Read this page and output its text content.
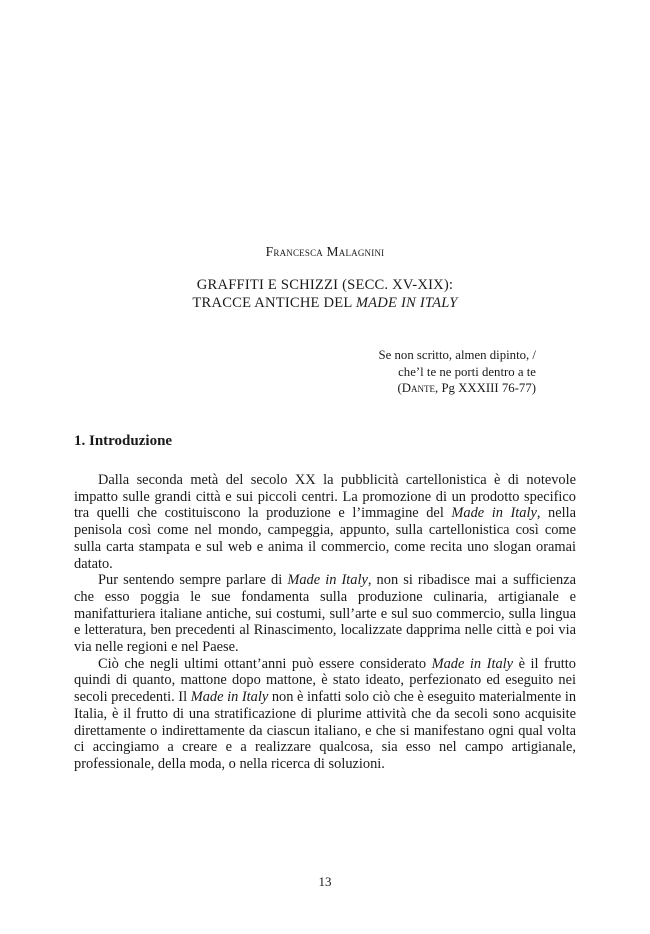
Francesca Malagnini
GRAFFITI E SCHIZZI (SECC. XV-XIX):
TRACCE ANTICHE DEL MADE IN ITALY
Se non scritto, almen dipinto, /
che’l te ne porti dentro a te
(Dante, Pg XXXIII 76-77)
1. Introduzione

Dalla seconda metà del secolo XX la pubblicità cartellonistica è di notevole impatto sulle grandi città e sui piccoli centri. La promozione di un prodotto specifico tra quelli che costituiscono la produzione e l’immagine del Made in Italy, nella penisola così come nel mondo, campeggia, appunto, sulla cartellonistica così come sulla carta stampata e sul web e anima il commercio, come recita uno slogan oramai datato.

Pur sentendo sempre parlare di Made in Italy, non si ribadisce mai a sufficienza che esso poggia le sue fondamenta sulla produzione culinaria, artigianale e manifatturiera italiane antiche, sui costumi, sull’arte e sul suo commercio, sulla lingua e letteratura, ben precedenti al Rinascimento, localizzate dapprima nelle città e poi via via nelle regioni e nel Paese.

Ciò che negli ultimi ottant’anni può essere considerato Made in Italy è il frutto quindi di quanto, mattone dopo mattone, è stato ideato, perfezionato ed eseguito nei secoli precedenti. Il Made in Italy non è infatti solo ciò che è eseguito materialmente in Italia, è il frutto di una stratificazione di plurime attività che da secoli sono acquisite direttamente o indirettamente da ciascun italiano, e che si manifestano ogni qual volta ci accingiamo a creare e a realizzare qualcosa, sia esso nel campo artigianale, professionale, della moda, o nella ricerca di soluzioni.

13
